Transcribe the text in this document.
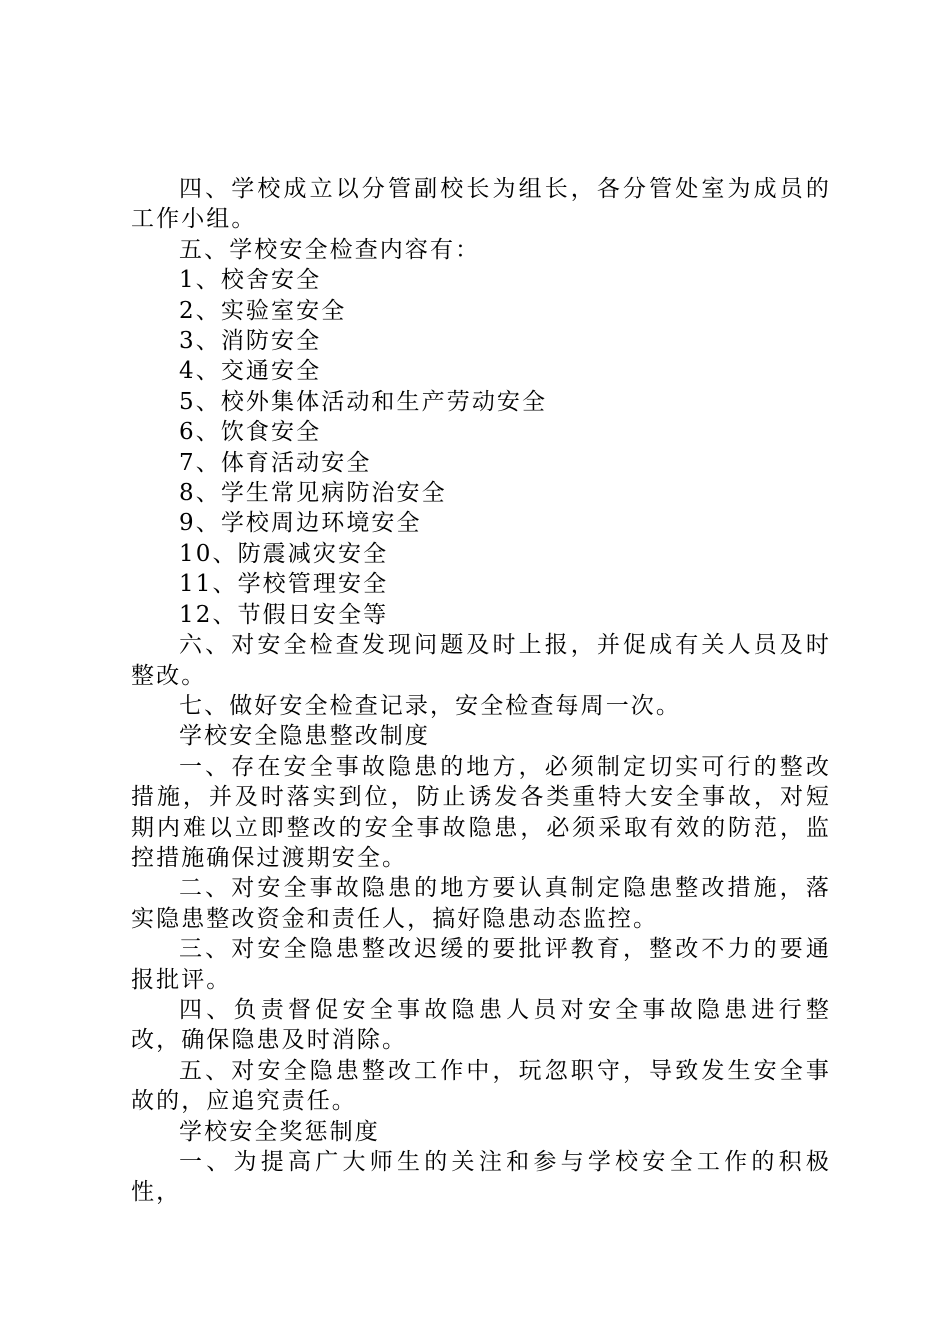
四、学校成立以分管副校长为组长，各分管处室为成员的工作小组。

五、学校安全检查内容有：

1、校舍安全

2、实验室安全

3、消防安全

4、交通安全

5、校外集体活动和生产劳动安全

6、饮食安全

7、体育活动安全

8、学生常见病防治安全

9、学校周边环境安全

10、防震减灾安全

11、学校管理安全

12、节假日安全等

六、对安全检查发现问题及时上报，并促成有关人员及时整改。

七、做好安全检查记录，安全检查每周一次。

学校安全隐患整改制度

一、存在安全事故隐患的地方，必须制定切实可行的整改措施，并及时落实到位，防止诱发各类重特大安全事故，对短期内难以立即整改的安全事故隐患，必须采取有效的防范，监控措施确保过渡期安全。

二、对安全事故隐患的地方要认真制定隐患整改措施，落实隐患整改资金和责任人，搞好隐患动态监控。

三、对安全隐患整改迟缓的要批评教育，整改不力的要通报批评。

四、负责督促安全事故隐患人员对安全事故隐患进行整改，确保隐患及时消除。

五、对安全隐患整改工作中，玩忽职守，导致发生安全事故的，应追究责任。

学校安全奖惩制度

一、为提高广大师生的关注和参与学校安全工作的积极性，
